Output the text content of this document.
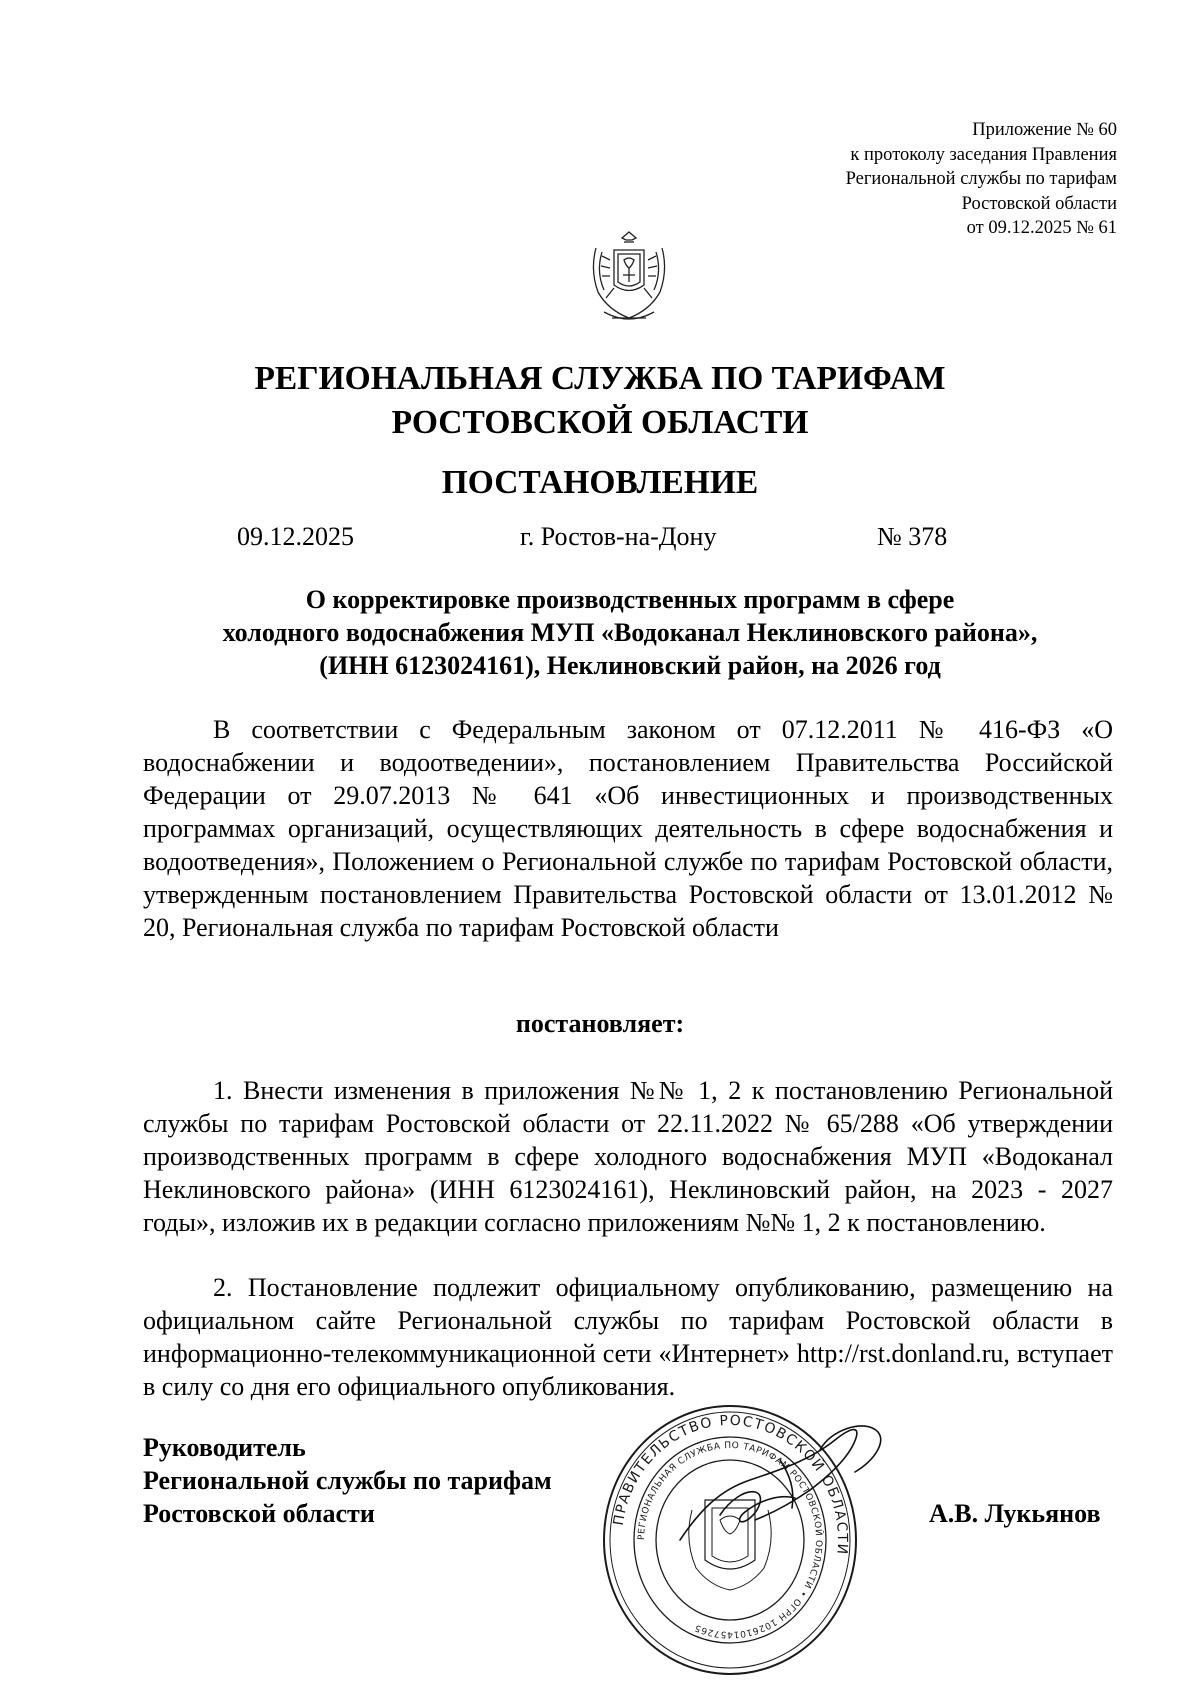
Приложение № 60
к протоколу заседания Правления
Региональной службы по тарифам
Ростовской области
от 09.12.2025 № 61
РЕГИОНАЛЬНАЯ СЛУЖБА ПО ТАРИФАМ
РОСТОВСКОЙ ОБЛАСТИ
ПОСТАНОВЛЕНИЕ
09.12.2025	г. Ростов-на-Дону	№ 378
О корректировке производственных программ в сфере
холодного водоснабжения МУП «Водоканал Неклиновского района»,
(ИНН 6123024161), Неклиновский район, на 2026 год

В соответствии с Федеральным законом от 07.12.2011 № 416-ФЗ «О водоснабжении и водоотведении», постановлением Правительства Российской Федерации от 29.07.2013 № 641 «Об инвестиционных и производственных программах организаций, осуществляющих деятельность в сфере водоснабжения и водоотведения», Положением о Региональной службе по тарифам Ростовской области, утвержденным постановлением Правительства Ростовской области от 13.01.2012 № 20, Региональная служба по тарифам Ростовской области

постановляет:

1. Внести изменения в приложения №№ 1, 2 к постановлению Региональной службы по тарифам Ростовской области от 22.11.2022 № 65/288 «Об утверждении производственных программ в сфере холодного водоснабжения МУП «Водоканал Неклиновского района» (ИНН 6123024161), Неклиновский район, на 2023 - 2027 годы», изложив их в редакции согласно приложениям №№ 1, 2 к постановлению.

2. Постановление подлежит официальному опубликованию, размещению на официальном сайте Региональной службы по тарифам Ростовской области в информационно-телекоммуникационной сети «Интернет» http://rst.donland.ru, вступает в силу со дня его официального опубликования.

ПРАВИТЕЛЬСТВО РОСТОВСКОЙ ОБЛАСТИ
РЕГИОНАЛЬНАЯ СЛУЖБА ПО ТАРИФАМ РОСТОВСКОЙ ОБЛАСТИ • ОГРН 1026101457265
Руководитель
Региональной службы по тарифам
Ростовской области	А.В. Лукьянов
